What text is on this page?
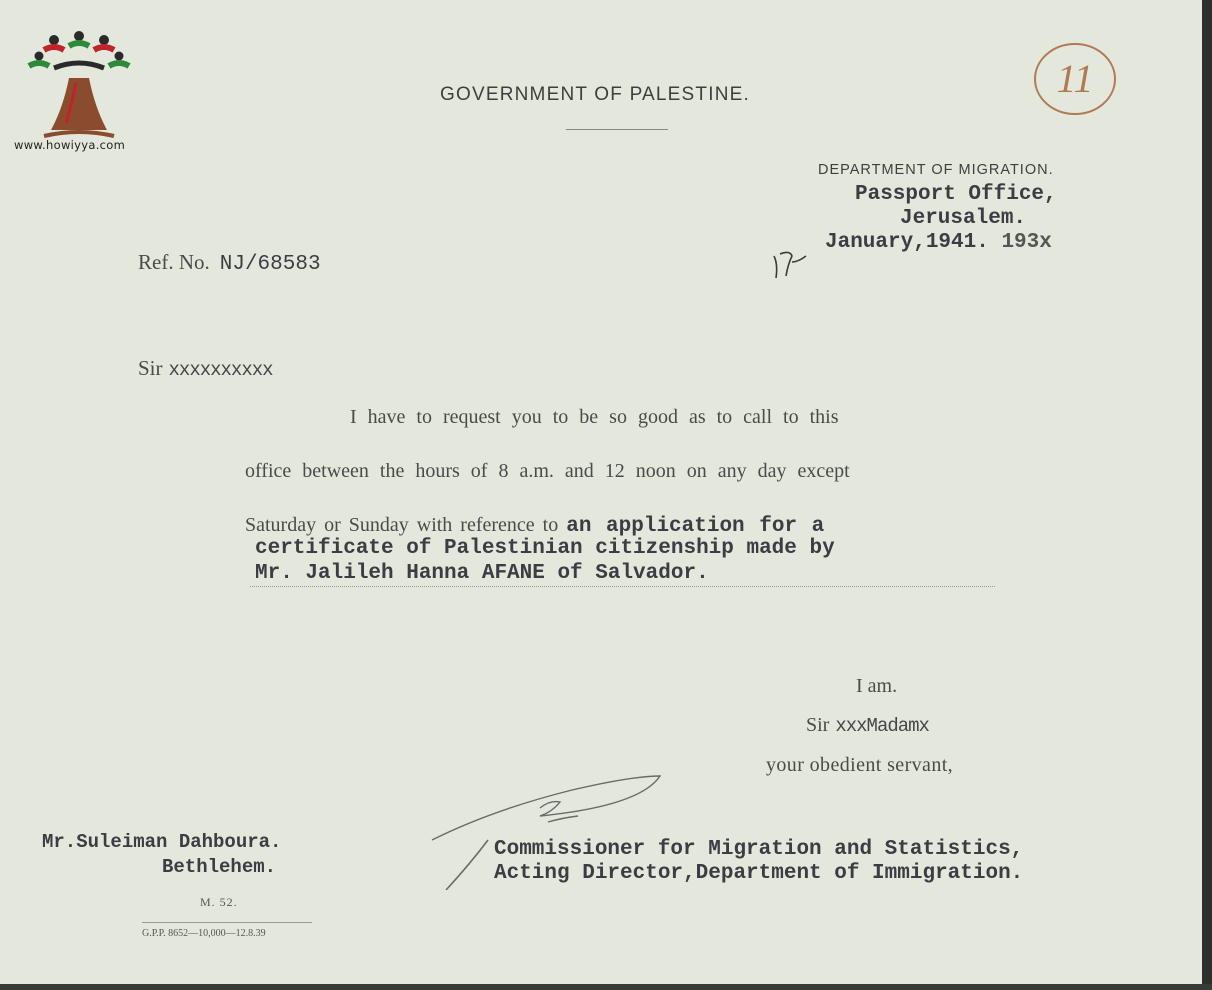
www.howiyya.com
GOVERNMENT OF PALESTINE.	11
DEPARTMENT OF MIGRATION.
Passport Office,
Jerusalem.
January,1941. 193x
Ref. No. NJ/68583
Sir xxxxxxxxxx
I have to request you to be so good as to call to this
office between the hours of 8 a.m. and 12 noon on any day except
Saturday or Sunday with reference to an application for a
certificate of Palestinian citizenship made by
Mr. Jalileh Hanna AFANE of Salvador.
I am.
Sir xxxMadamx
your obedient servant,
Mr.Suleiman Dahboura.
Bethlehem.
M. 52.
G.P.P. 8652—10,000—12.8.39
Commissioner for Migration and Statistics,
Acting Director,Department of Immigration.
